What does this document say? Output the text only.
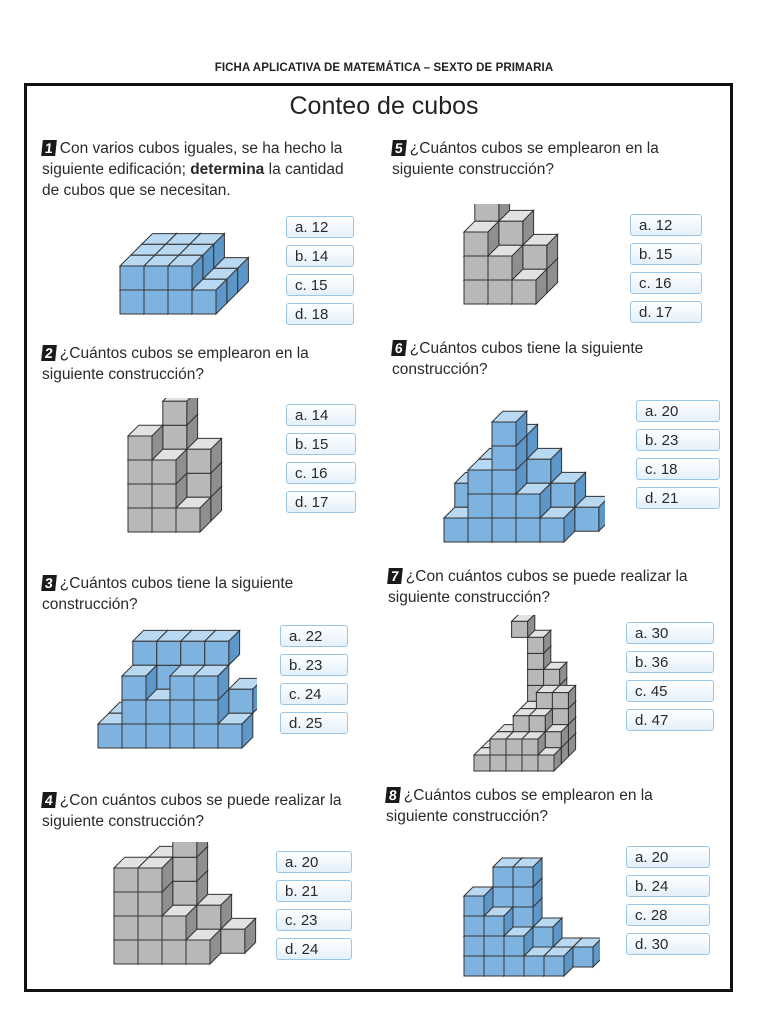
FICHA APLICATIVA DE MATEMÁTICA – SEXTO DE PRIMARIA
Conteo de cubos
1 Con varios cubos iguales, se ha hecho la siguiente edificación; determina la cantidad de cubos que se necesitan.
a. 12
b. 14
c. 15
d. 18
2 ¿Cuántos cubos se emplearon en la siguiente construcción?
a. 14
b. 15
c. 16
d. 17
3 ¿Cuántos cubos tiene la siguiente construcción?
a. 22
b. 23
c. 24
d. 25
4 ¿Con cuántos cubos se puede realizar la siguiente construcción?
a. 20
b. 21
c. 23
d. 24
5 ¿Cuántos cubos se emplearon en la siguiente construcción?
a. 12
b. 15
c. 16
d. 17
6 ¿Cuántos cubos tiene la siguiente construcción?
a. 20
b. 23
c. 18
d. 21
7 ¿Con cuántos cubos se puede realizar la siguiente construcción?
a. 30
b. 36
c. 45
d. 47
8 ¿Cuántos cubos se emplearon en la siguiente construcción?
a. 20
b. 24
c. 28
d. 30
